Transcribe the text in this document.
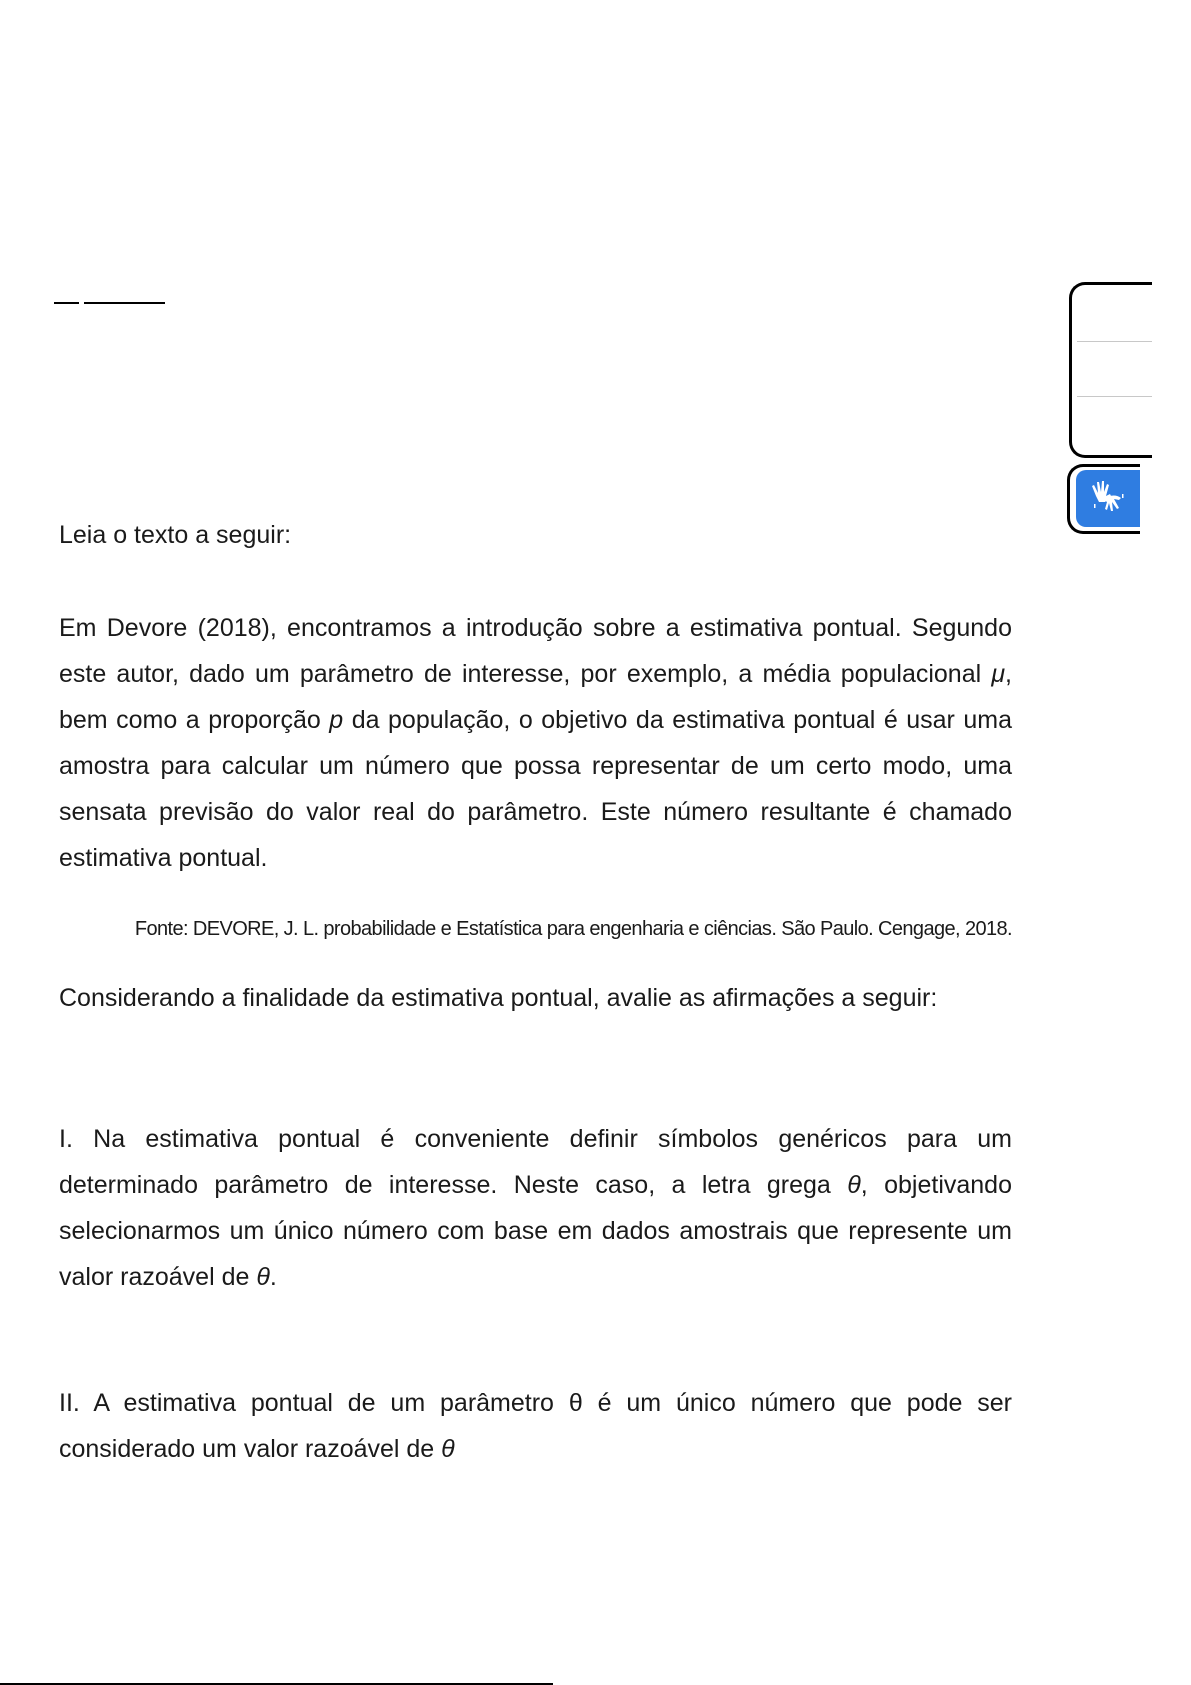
Leia o texto a seguir:
Em Devore (2018), encontramos a introdução sobre a estimativa pontual. Segundo este autor, dado um parâmetro de interesse, por exemplo, a média populacional μ, bem como a proporção p da população, o objetivo da estimativa pontual é usar uma amostra para calcular um número que possa representar de um certo modo, uma sensata previsão do valor real do parâmetro. Este número resultante é chamado estimativa pontual.
Fonte: DEVORE, J. L. probabilidade e Estatística para engenharia e ciências. São Paulo. Cengage, 2018.
Considerando a finalidade da estimativa pontual, avalie as afirmações a seguir:
I. Na estimativa pontual é conveniente definir símbolos genéricos para um determinado parâmetro de interesse. Neste caso, a letra grega θ, objetivando selecionarmos um único número com base em dados amostrais que represente um valor razoável de θ.
II. A estimativa pontual de um parâmetro θ é um único número que pode ser considerado um valor razoável de θ
